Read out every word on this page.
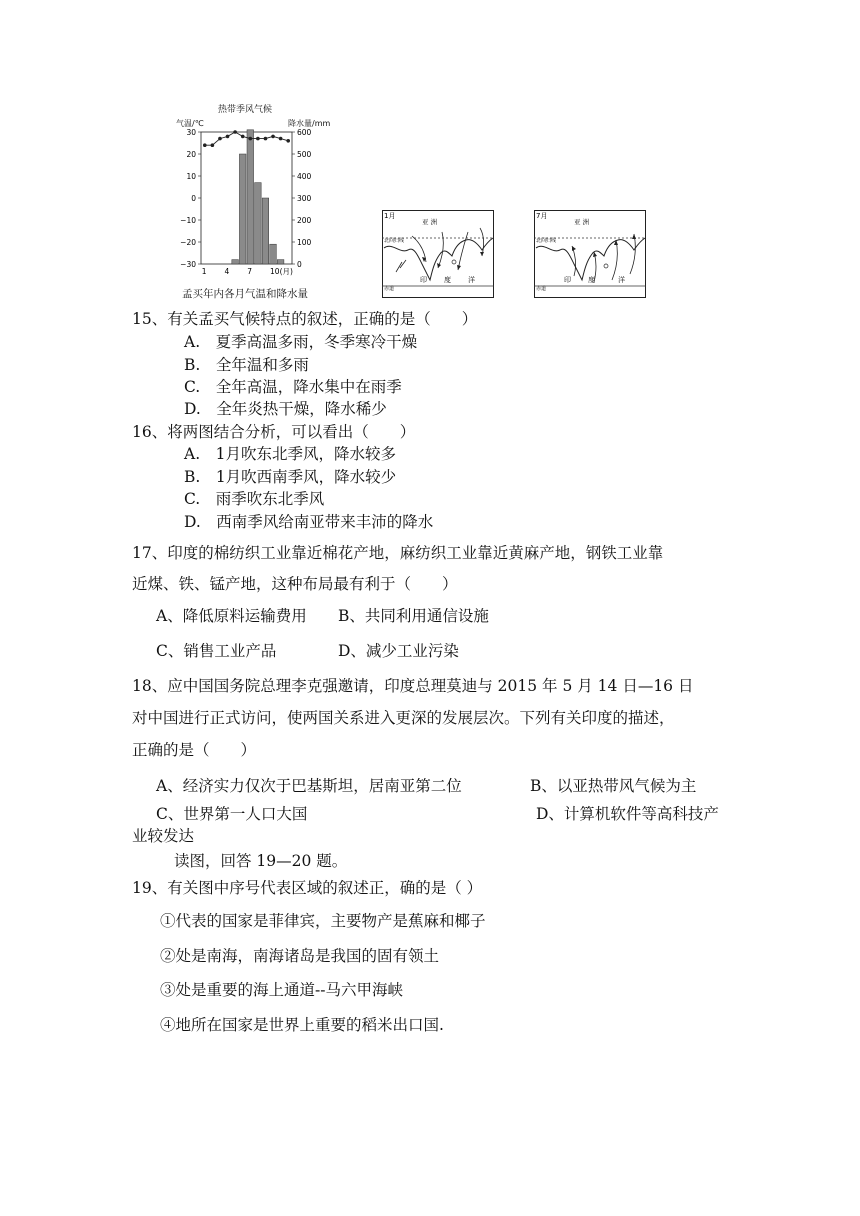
热带季风气候
气温/℃	降水量/mm
30
20
10
0
−10
−20
−30
600
500
400
300
200
100
0
1 4 7 10(月)
孟买年内各月气温和降水量
1月
亚 洲
北回归线
赤道
印 度 洋
7月
亚 洲
北回归线
赤道
印 度	洋
15、有关孟买气候特点的叙述，正确的是（　　）
A.　夏季高温多雨，冬季寒冷干燥
B.　全年温和多雨
C.　全年高温，降水集中在雨季
D.　全年炎热干燥，降水稀少
16、将两图结合分析，可以看出（　　）
A.　1月吹东北季风，降水较多
B.　1月吹西南季风，降水较少
C.　雨季吹东北季风
D.　西南季风给南亚带来丰沛的降水
17、印度的棉纺织工业靠近棉花产地，麻纺织工业靠近黄麻产地，钢铁工业靠
近煤、铁、锰产地，这种布局最有利于（　　）
A、降低原料运输费用 B、共同利用通信设施
C、销售工业产品	D、减少工业污染
18、应中国国务院总理李克强邀请，印度总理莫迪与 2015 年 5 月 14 日—16 日
对中国进行正式访问，使两国关系进入更深的发展层次。下列有关印度的描述，
正确的是（　　）
A、经济实力仅次于巴基斯坦，居南亚第二位	B、以亚热带风气候为主
C、世界第一人口大国	D、计算机软件等高科技产
业较发达
读图，回答 19—20 题。
19、有关图中序号代表区域的叙述正，确的是（ ）
①代表的国家是菲律宾，主要物产是蕉麻和椰子
②处是南海，南海诸岛是我国的固有领土
③处是重要的海上通道--马六甲海峡
④地所在国家是世界上重要的稻米出口国.
